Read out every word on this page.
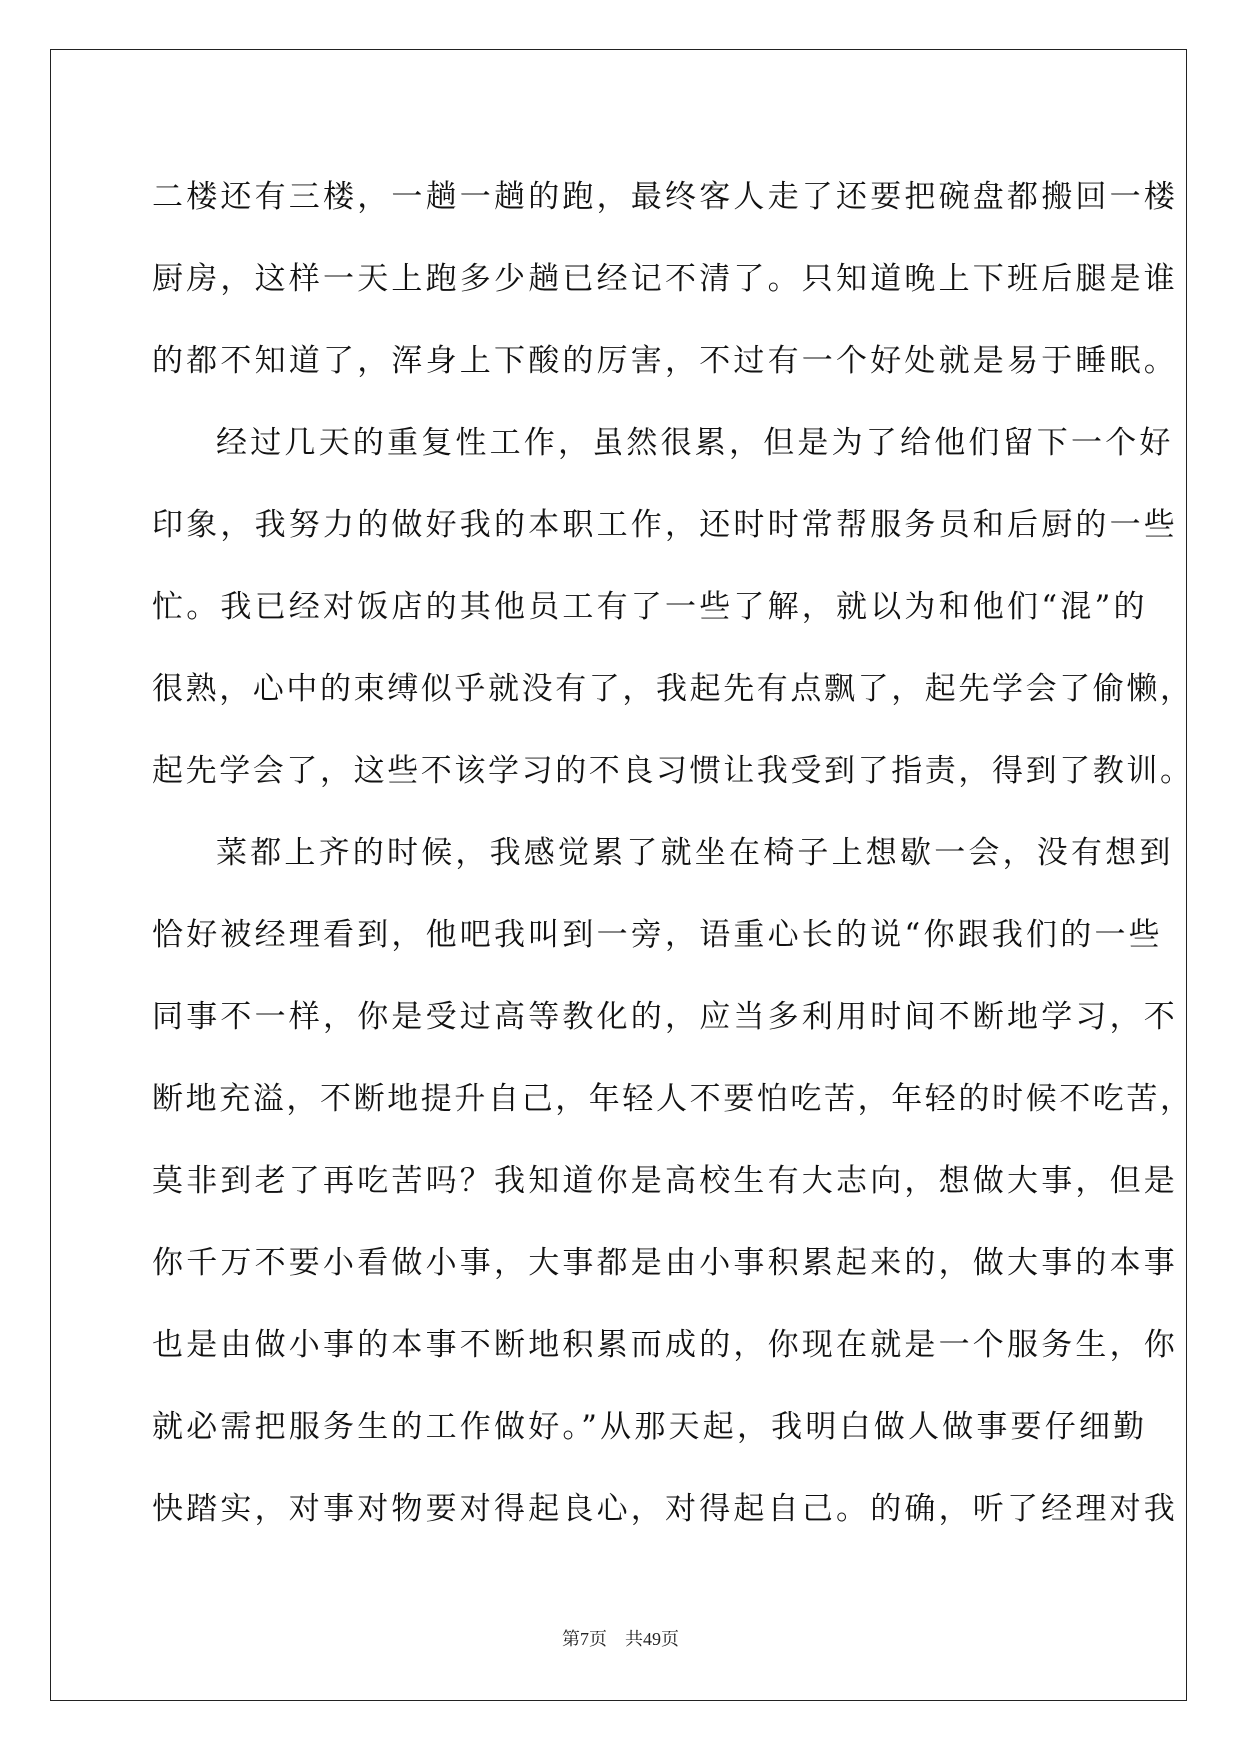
二楼还有三楼，一趟一趟的跑，最终客人走了还要把碗盘都搬回一楼
厨房，这样一天上跑多少趟已经记不清了。只知道晚上下班后腿是谁
的都不知道了，浑身上下酸的厉害，不过有一个好处就是易于睡眠。
经过几天的重复性工作，虽然很累，但是为了给他们留下一个好
印象，我努力的做好我的本职工作，还时时常帮服务员和后厨的一些
忙。我已经对饭店的其他员工有了一些了解，就以为和他们“混”的
很熟，心中的束缚似乎就没有了，我起先有点飘了，起先学会了偷懒，
起先学会了，这些不该学习的不良习惯让我受到了指责，得到了教训。
菜都上齐的时候，我感觉累了就坐在椅子上想歇一会，没有想到
恰好被经理看到，他吧我叫到一旁，语重心长的说“你跟我们的一些
同事不一样，你是受过高等教化的，应当多利用时间不断地学习，不
断地充溢，不断地提升自己，年轻人不要怕吃苦，年轻的时候不吃苦，
莫非到老了再吃苦吗？我知道你是高校生有大志向，想做大事，但是
你千万不要小看做小事，大事都是由小事积累起来的，做大事的本事
也是由做小事的本事不断地积累而成的，你现在就是一个服务生，你
就必需把服务生的工作做好。”从那天起，我明白做人做事要仔细勤
快踏实，对事对物要对得起良心，对得起自己。的确，听了经理对我
第7页 共49页
